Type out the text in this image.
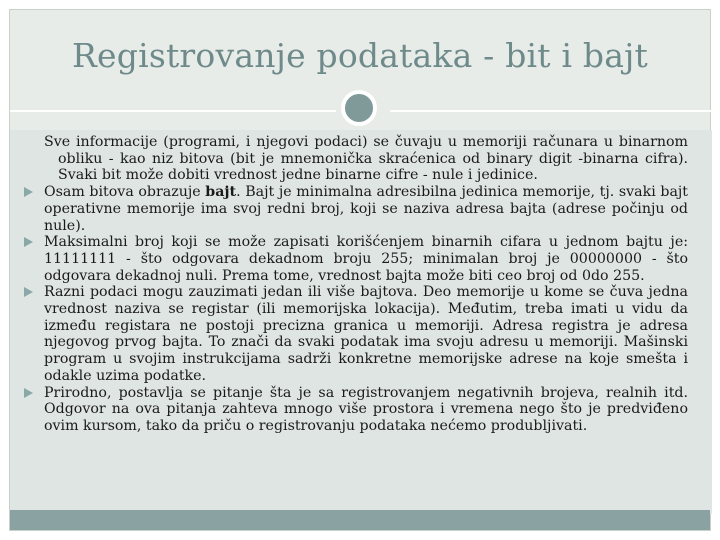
Registrovanje podataka - bit i bajt

Sve informacije (programi, i njegovi podaci) se čuvaju u memoriji računara u binarnom obliku - kao niz bitova (bit je mnemonička skraćenica od binary digit -binarna cifra). Svaki bit može dobiti vrednost jedne binarne cifre - nule i jedinice.

Osam bitova obrazuje bajt. Bajt je minimalna adresibilna jedinica memorije, tj. svaki bajt operativne memorije ima svoj redni broj, koji se naziva adresa bajta (adrese počinju od nule).

Maksimalni broj koji se može zapisati korišćenjem binarnih cifara u jednom bajtu je: 11111111 - što odgovara dekadnom broju 255; minimalan broj je 00000000 - što odgovara dekadnoj nuli. Prema tome, vrednost bajta može biti ceo broj od 0do 255.

Razni podaci mogu zauzimati jedan ili više bajtova. Deo memorije u kome se čuva jedna vrednost naziva se registar (ili memorijska lokacija). Međutim, treba imati u vidu da između registara ne postoji precizna granica u memoriji. Adresa registra je adresa njegovog prvog bajta. To znači da svaki podatak ima svoju adresu u memoriji. Mašinski program u svojim instrukcijama sadrži konkretne memorijske adrese na koje smešta i odakle uzima podatke.

Prirodno, postavlja se pitanje šta je sa registrovanjem negativnih brojeva, realnih itd. Odgovor na ova pitanja zahteva mnogo više prostora i vremena nego što je predviđeno ovim kursom, tako da priču o registrovanju podataka nećemo produbljivati.
